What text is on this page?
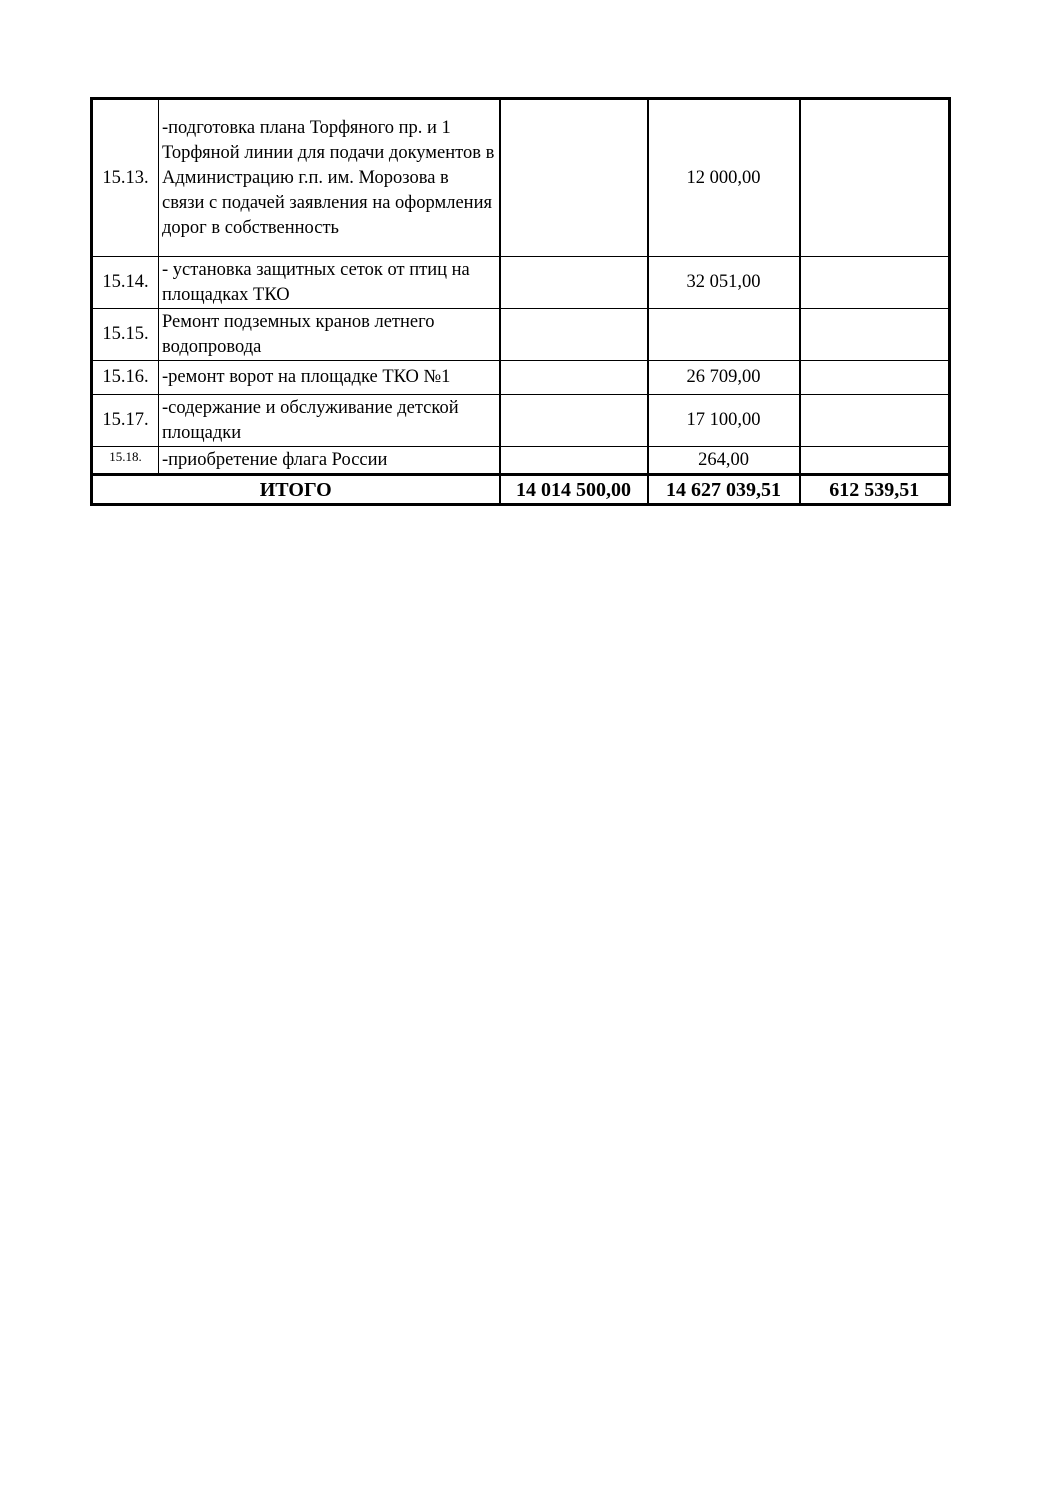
15.13.	-подготовка плана Торфяного пр. и 1 Торфяной линии для подачи документов в Администрацию г.п. им. Морозова в связи с подачей заявления на оформления дорог в собственность		12 000,00	
15.14.	- установка защитных сеток от птиц на площадках ТКО		32 051,00	
15.15.	Ремонт подземных кранов летнего водопровода			
15.16.	-ремонт ворот на площадке ТКО №1		26 709,00	
15.17.	-содержание и обслуживание детской площадки		17 100,00	
15.18.	-приобретение флага России		264,00	
ИТОГО		14 014 500,00	14 627 039,51	612 539,51
